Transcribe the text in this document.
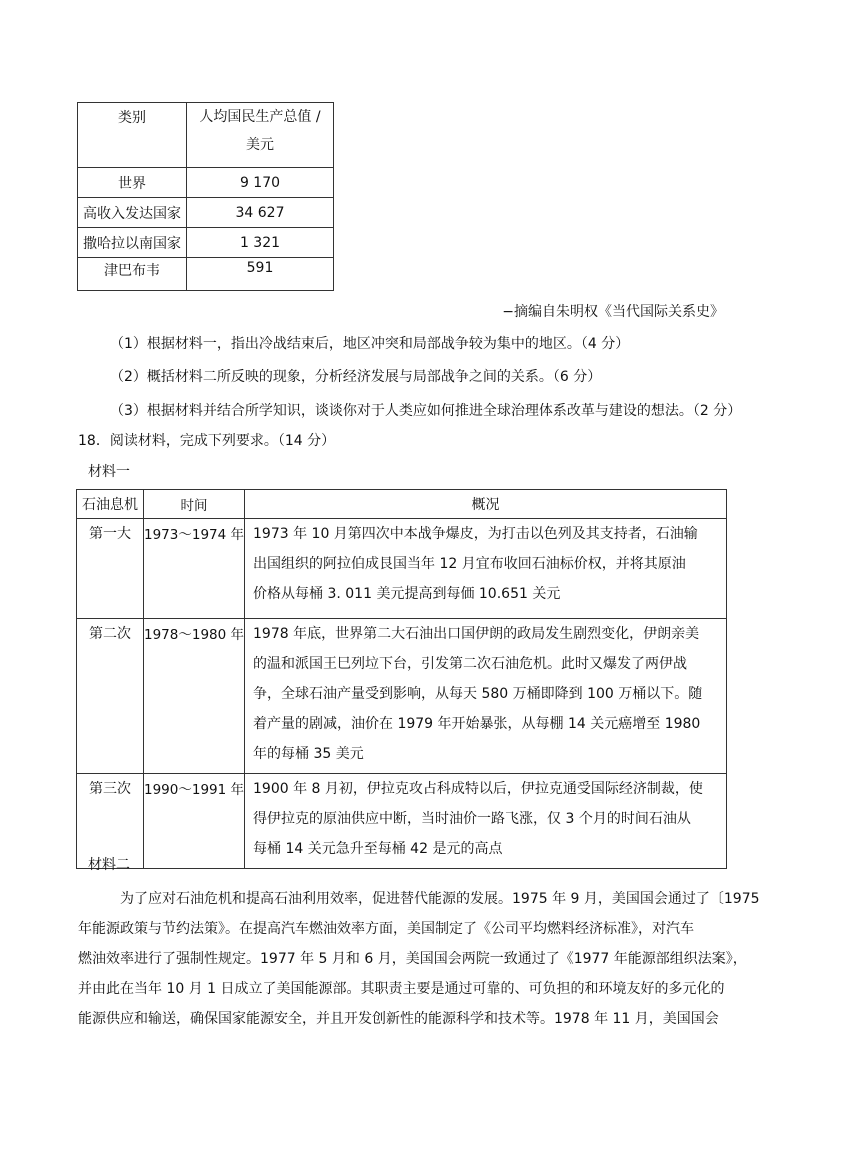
类别	人均国民生产总值 /
美元
世界	9 170
高收入发达国家	34 627
撒哈拉以南国家	1 321
津巴布韦	591
−摘编自朱明权《当代国际关系史》
（1）根据材料一，指出冷战结束后，地区冲突和局部战争较为集中的地区。（4 分）
（2）概括材料二所反映的现象，分析经济发展与局部战争之间的关系。（6 分）
（3）根据材料并结合所学知识，谈谈你对于人类应如何推进全球治理体系改革与建设的想法。（2 分）
18．阅读材料，完成下列要求。（14 分）
材料一
石油息机	时间	概况
第一大	1973～1974 年	1973 年 10 月第四次中本战争爆皮，为打击以色列及其支持者，石油输
出国组织的阿拉伯成艮国当年 12 月宜布收回石油标价权，并将其原油
价格从每桶 3. 011 美元提高到每価 10.651 关元

第二次	1978～1980 年	1978 年底，世界第二大石油出口国伊朗的政局发生剧烈变化，伊朗亲美
的温和派国王巳列垃下台，引发第二次石油危机。此时又爆发了两伊战
争，全球石油产量受到影响，从每天 580 万桶即降到 100 万桶以下。随
着产量的剧减，油价在 1979 年开始暴张，从每棚 14 关元癌增至 1980
年的每桶 35 美元

第三次	1990～1991 年	1900 年 8 月初，伊拉克攻占科成特以后，伊拉克通受国际经济制裁，使
得伊拉克的原油供应中断，当时油价一路飞涨，仅 3 个月的时间石油从
每桶 14 关元急升至每桶 42 是元的高点
材料二
为了应对石油危机和提高石油利用效率，促进替代能源的发展。1975 年 9 月，美国国会通过了〔1975
年能源政策与节约法策》。在提高汽车燃油效率方面，美国制定了《公司平均燃料经济标准》，对汽车
燃油效率进行了强制性规定。1977 年 5 月和 6 月，美国国会两院一致通过了《1977 年能源部组织法案》，
并由此在当年 10 月 1 日成立了美国能源部。其职责主要是通过可靠的、可负担的和环境友好的多元化的
能源供应和输送，确保国家能源安全，并且开发创新性的能源科学和技术等。1978 年 11 月，美国国会
